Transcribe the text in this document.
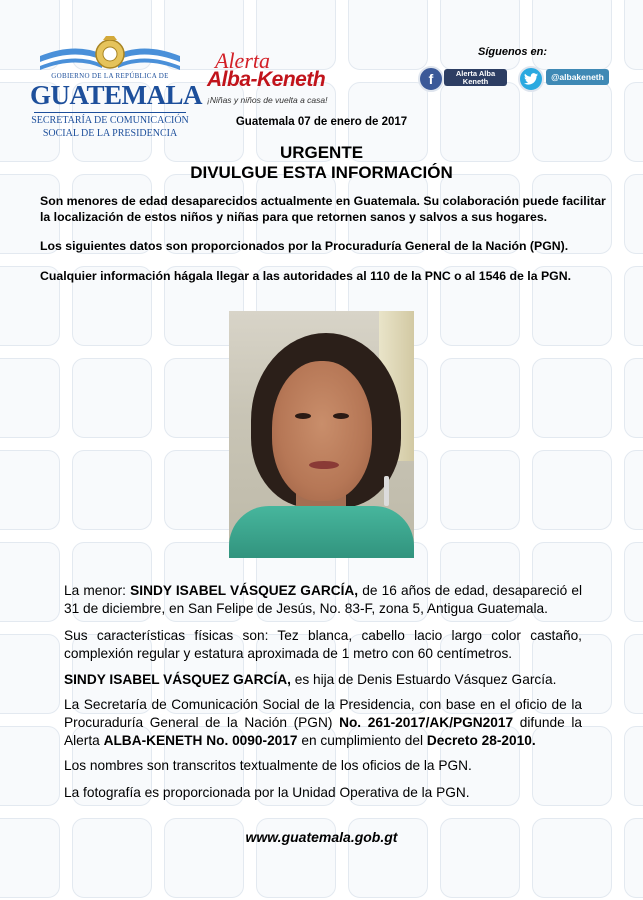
GOBIERNO DE LA REPÚBLICA DE
GUATEMALA
SECRETARÍA DE COMUNICACIÓN
SOCIAL DE LA PRESIDENCIA
Alerta
Alba-Keneth
¡Niñas y niños de vuelta a casa!
Síguenos en:
f	Alerta Alba Keneth	@albakeneth
Guatemala 07 de enero de 2017
URGENTE
DIVULGUE ESTA INFORMACIÓN
Son menores de edad desaparecidos actualmente en Guatemala. Su colaboración puede facilitar la localización de estos niños y niñas para que retornen sanos y salvos a sus hogares.
Los siguientes datos son proporcionados por la Procuraduría General de la Nación (PGN).
Cualquier información hágala llegar a las autoridades al 110 de la PNC o al 1546 de la PGN.
La menor: SINDY ISABEL VÁSQUEZ GARCÍA, de 16 años de edad, desapareció el 31 de diciembre, en San Felipe de Jesús, No. 83-F, zona 5, Antigua Guatemala.
Sus características físicas son: Tez blanca, cabello lacio largo color castaño, complexión regular y estatura aproximada de 1 metro con 60 centímetros.
SINDY ISABEL VÁSQUEZ GARCÍA, es hija de Denis Estuardo Vásquez García.
La Secretaría de Comunicación Social de la Presidencia, con base en el oficio de la Procuraduría General de la Nación (PGN) No. 261-2017/AK/PGN2017 difunde la Alerta ALBA-KENETH No. 0090-2017 en cumplimiento del Decreto 28-2010.
Los nombres son transcritos textualmente de los oficios de la PGN.
La fotografía es proporcionada por la Unidad Operativa de la PGN.
www.guatemala.gob.gt
